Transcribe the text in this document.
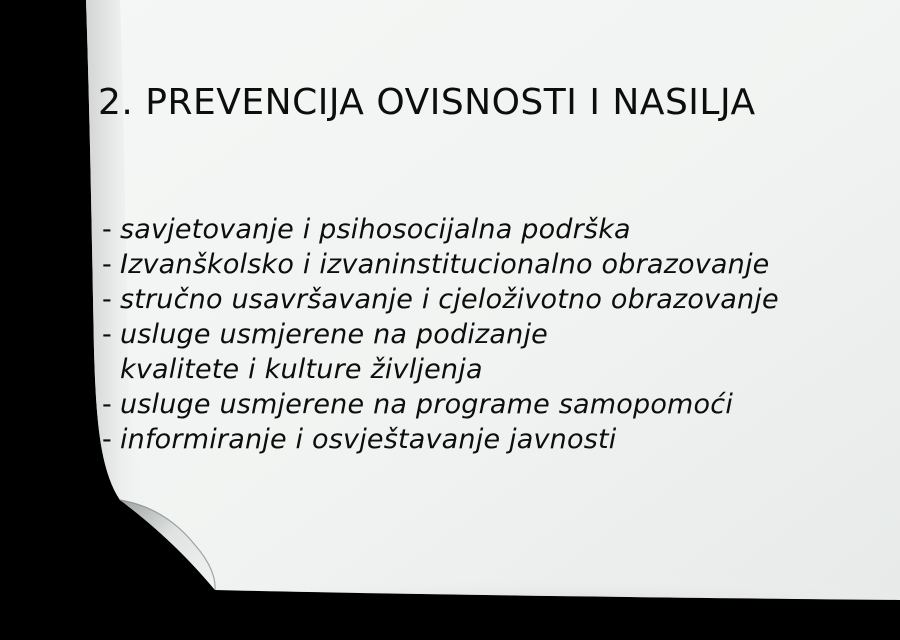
2. PREVENCIJA OVISNOSTI I NASILJA
- savjetovanje i psihosocijalna podrška
- Izvanškolsko i izvaninstitucionalno obrazovanje
- stručno usavršavanje i cjeloživotno obrazovanje
- usluge usmjerene na podizanje
kvalitete i kulture življenja
- usluge usmjerene na programe samopomoći
- informiranje i osvještavanje javnosti
